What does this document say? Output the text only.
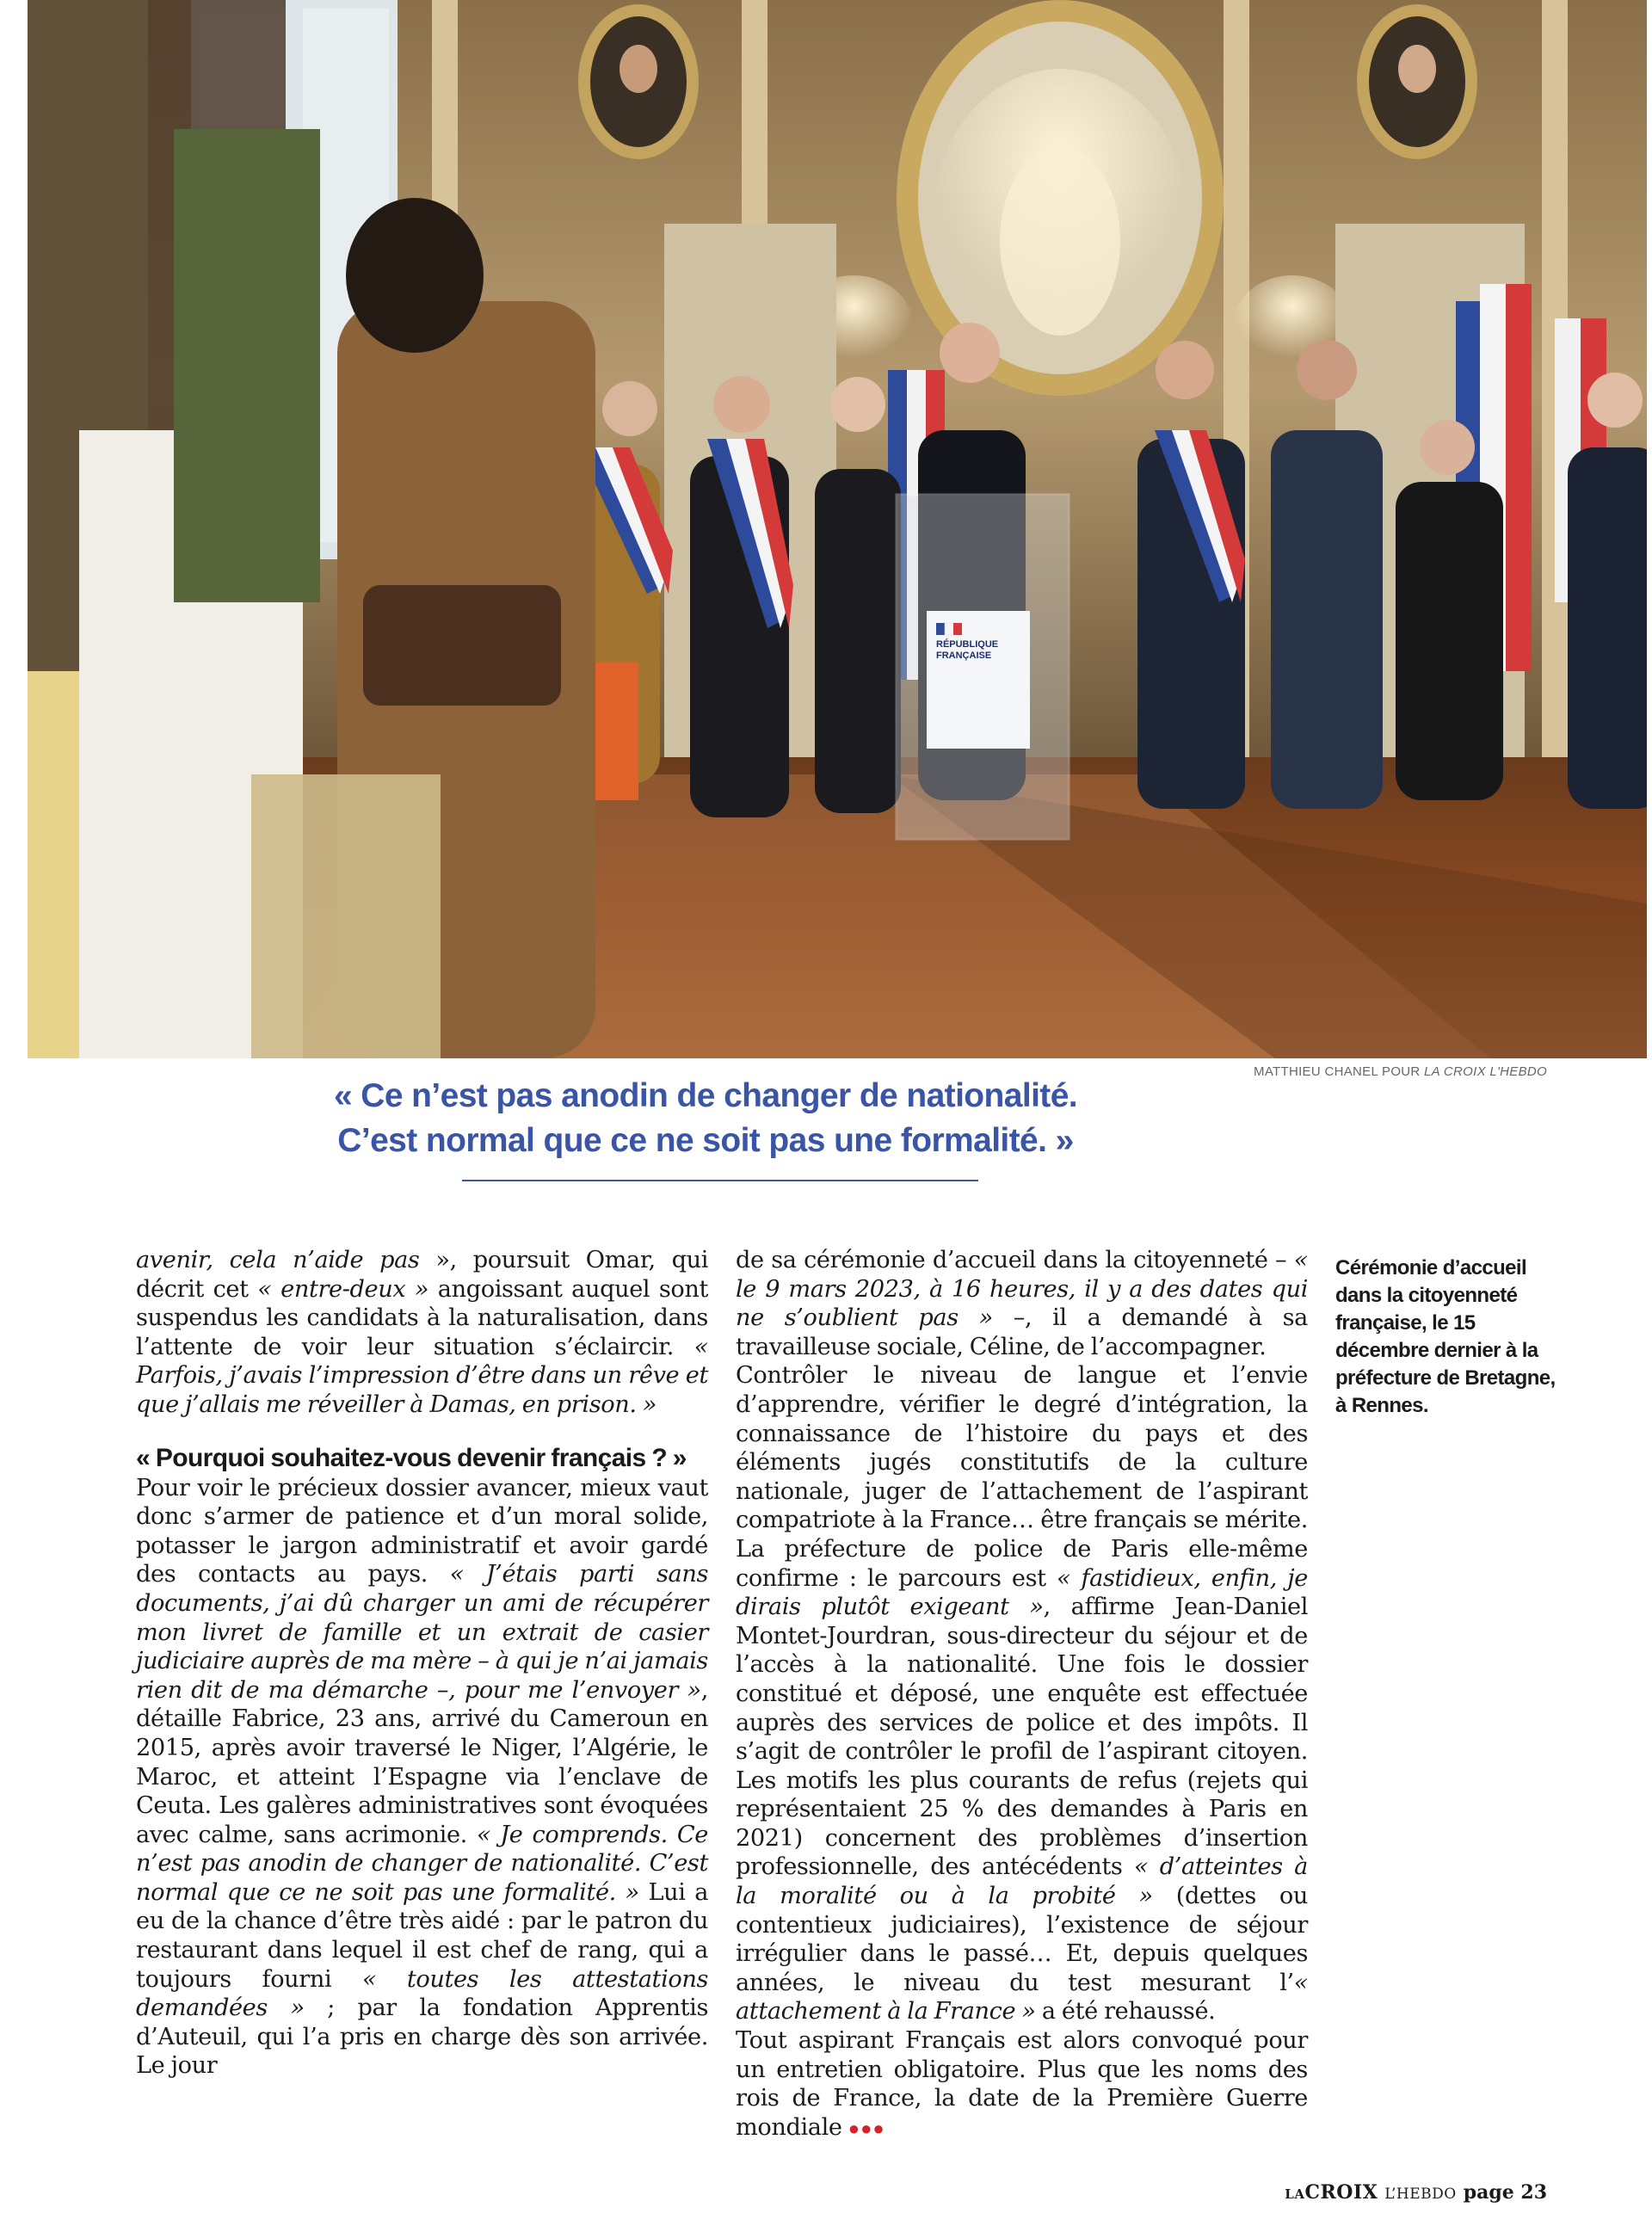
RÉPUBLIQUE
FRANÇAISE
MATTHIEU CHANEL POUR LA CROIX L'HEBDO
« Ce n’est pas anodin de changer de nationalité.
C’est normal que ce ne soit pas une formalité. »

avenir, cela n’aide pas », poursuit Omar, qui décrit cet « entre-deux » angoissant auquel sont suspendus les candidats à la naturalisation, dans l’attente de voir leur situation s’éclaircir. « Parfois, j’avais l’impression d’être dans un rêve et que j’allais me réveiller à Damas, en prison. »

« Pourquoi souhaitez-vous devenir français ? »

Pour voir le précieux dossier avancer, mieux vaut donc s’armer de patience et d’un moral solide, potasser le jargon administratif et avoir gardé des contacts au pays. « J’étais parti sans documents, j’ai dû charger un ami de récupérer mon livret de famille et un extrait de casier judiciaire auprès de ma mère – à qui je n’ai jamais rien dit de ma démarche –, pour me l’envoyer », détaille Fabrice, 23 ans, arrivé du Cameroun en 2015, après avoir traversé le Niger, l’Algérie, le Maroc, et atteint l’Espagne via l’enclave de Ceuta. Les galères administratives sont évoquées avec calme, sans acrimonie. « Je comprends. Ce n’est pas anodin de changer de nationalité. C’est normal que ce ne soit pas une formalité. » Lui a eu de la chance d’être très aidé : par le patron du restaurant dans lequel il est chef de rang, qui a toujours fourni « toutes les attestations demandées » ; par la fondation Apprentis d’Auteuil, qui l’a pris en charge dès son arrivée. Le jour

de sa cérémonie d’accueil dans la citoyenneté – « le 9 mars 2023, à 16 heures, il y a des dates qui ne s’oublient pas » –, il a demandé à sa travailleuse sociale, Céline, de l’accompagner.

Contrôler le niveau de langue et l’envie d’apprendre, vérifier le degré d’intégration, la connaissance de l’histoire du pays et des éléments jugés constitutifs de la culture nationale, juger de l’attachement de l’aspirant compatriote à la France… être français se mérite. La préfecture de police de Paris elle-même confirme : le parcours est « fastidieux, enfin, je dirais plutôt exigeant », affirme Jean-Daniel Montet-Jourdran, sous-directeur du séjour et de l’accès à la nationalité. Une fois le dossier constitué et déposé, une enquête est effectuée auprès des services de police et des impôts. Il s’agit de contrôler le profil de l’aspirant citoyen. Les motifs les plus courants de refus (rejets qui représentaient 25 % des demandes à Paris en 2021) concernent des problèmes d’insertion professionnelle, des antécédents « d’atteintes à la moralité ou à la probité » (dettes ou contentieux judiciaires), l’existence de séjour irrégulier dans le passé… Et, depuis quelques années, le niveau du test mesurant l’« attachement à la France » a été rehaussé.

Tout aspirant Français est alors convoqué pour un entretien obligatoire. Plus que les noms des rois de France, la date de la Première Guerre mondiale ●●●

Cérémonie d’accueil dans la citoyenneté française, le 15 décembre dernier à la préfecture de Bretagne, à Rennes.
LACROIX L’HEBDO page 23
